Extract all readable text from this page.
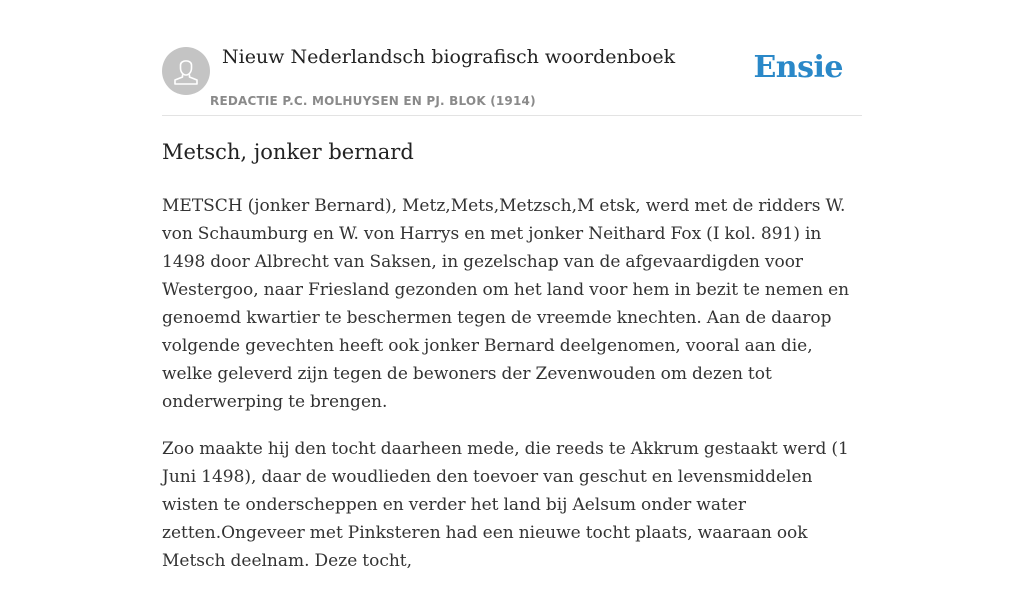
Nieuw Nederlandsch biografisch woordenboek
REDACTIE P.C. MOLHUYSEN EN PJ. BLOK (1914)
Ensie
Metsch, jonker bernard

METSCH (jonker Bernard), Metz,Mets,Metzsch,M etsk, werd met de ridders W. von Schaumburg en W. von Harrys en met jonker Neithard Fox (I kol. 891) in 1498 door Albrecht van Saksen, in gezelschap van de afgevaardigden voor Westergoo, naar Friesland gezonden om het land voor hem in bezit te nemen en genoemd kwartier te beschermen tegen de vreemde knechten. Aan de daarop volgende gevechten heeft ook jonker Bernard deelgenomen, vooral aan die, welke geleverd zijn tegen de bewoners der Zevenwouden om dezen tot onderwerping te brengen.

Zoo maakte hij den tocht daarheen mede, die reeds te Akkrum gestaakt werd (1 Juni 1498), daar de woudlieden den toevoer van geschut en levensmiddelen wisten te onderscheppen en verder het land bij Aelsum onder water zetten.Ongeveer met Pinksteren had een nieuwe tocht plaats, waaraan ook Metsch deelnam. Deze tocht,
